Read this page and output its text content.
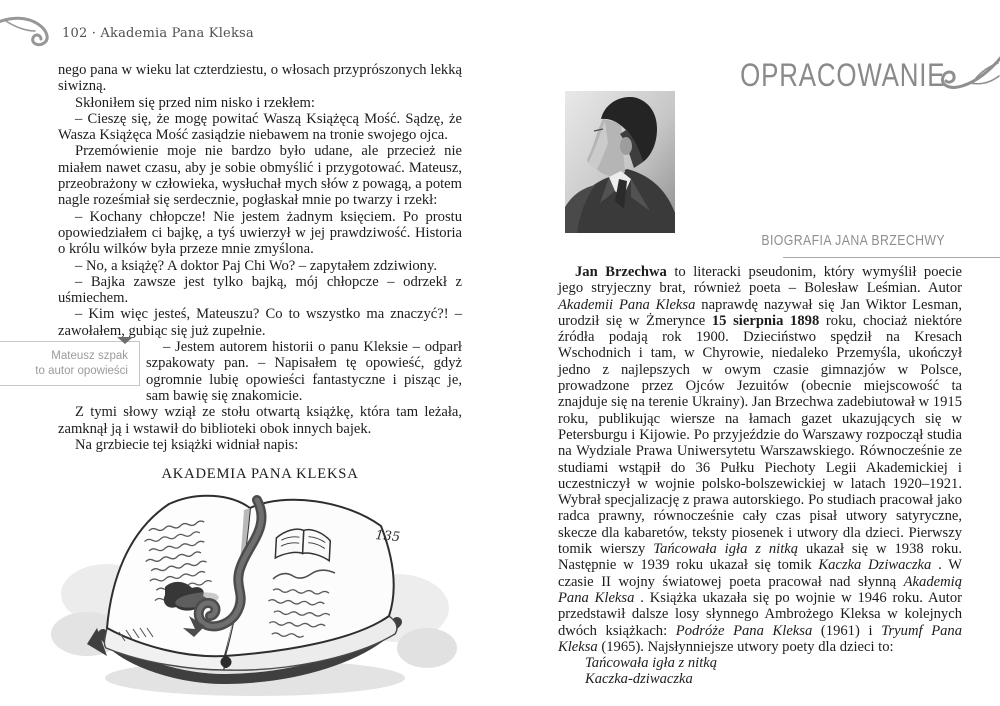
102 · Akademia Pana Kleksa

nego pana w wieku lat czterdziestu, o włosach przyprószonych lekką siwizną.

Skłoniłem się przed nim nisko i rzekłem:

– Cieszę się, że mogę powitać Waszą Książęcą Mość. Sądzę, że Wasza Książęca Mość zasiądzie niebawem na tronie swojego ojca.

Przemówienie moje nie bardzo było udane, ale przecież nie miałem nawet czasu, aby je sobie obmyślić i przygotować. Mateusz, przeobrażony w człowieka, wysłuchał mych słów z powagą, a potem nagle roześmiał się serdecznie, pogłaskał mnie po twarzy i rzekł:

– Kochany chłopcze! Nie jestem żadnym księciem. Po prostu opowiedziałem ci bajkę, a tyś uwierzył w jej prawdziwość. Historia o królu wilków była przeze mnie zmyślona.

– No, a książę? A doktor Paj Chi Wo? – zapytałem zdziwiony.

– Bajka zawsze jest tylko bajką, mój chłopcze – odrzekł z uśmiechem.

– Kim więc jesteś, Mateuszu? Co to wszystko ma znaczyć?! – zawołałem, gubiąc się już zupełnie.

– Jestem autorem historii o panu Kleksie – odparł szpakowaty pan. – Napisałem tę opowieść, gdyż ogromnie lubię opowieści fantastyczne i pisząc je, sam bawię się znakomicie.

Z tymi słowy wziął ze stołu otwartą książkę, która tam leżała, zamknął ją i wstawił do biblioteki obok innych bajek.

Na grzbiecie tej książki widniał napis:

AKADEMIA PANA KLEKSA

Mateusz szpak
to autor opowieści
135
OPRACOWANIE
BIOGRAFIA JANA BRZECHWY

Jan Brzechwa to literacki pseudonim, który wymyślił poecie jego stryjeczny brat, również poeta – Bolesław Leśmian. Autor Akademii Pana Kleksa naprawdę nazywał się Jan Wiktor Lesman, urodził się w Żmerynce 15 sierpnia 1898 roku, chociaż niektóre źródła podają rok 1900. Dzieciństwo spędził na Kresach Wschodnich i tam, w Chyrowie, niedaleko Przemyśla, ukończył jedno z najlepszych w owym czasie gimnazjów w Polsce, prowadzone przez Ojców Jezuitów (obecnie miejscowość ta znajduje się na terenie Ukrainy). Jan Brzechwa zadebiutował w 1915 roku, publikując wiersze na łamach gazet ukazujących się w Petersburgu i Kijowie. Po przyjeździe do Warszawy rozpoczął studia na Wydziale Prawa Uniwersytetu Warszawskiego. Równocześnie ze studiami wstąpił do 36 Pułku Piechoty Legii Akademickiej i uczestniczył w wojnie polsko-bolszewickiej w latach 1920–1921. Wybrał specjalizację z prawa autorskiego. Po studiach pracował jako radca prawny, równocześnie cały czas pisał utwory satyryczne, skecze dla kabaretów, teksty piosenek i utwory dla dzieci. Pierwszy tomik wierszy Tańcowała igła z nitką ukazał się w 1938 roku. Następnie w 1939 roku ukazał się tomik Kaczka Dziwaczka . W czasie II wojny światowej poeta pracował nad słynną Akademią Pana Kleksa . Książka ukazała się po wojnie w 1946 roku. Autor przedstawił dalsze losy słynnego Ambrożego Kleksa w kolejnych dwóch książkach: Podróże Pana Kleksa (1961) i Tryumf Pana Kleksa (1965). Najsłynniejsze utwory poety dla dzieci to:

Tańcowała igła z nitką

Kaczka-dziwaczka
